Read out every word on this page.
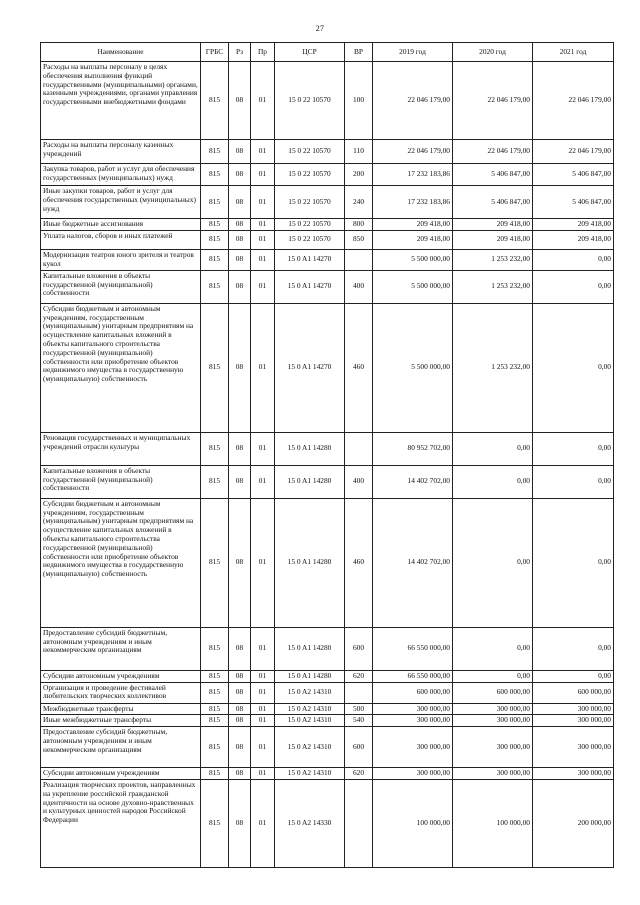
27
Наименование	ГРБС	Рз	Пр	ЦСР	ВР	2019 год	2020 год	2021 год
Расходы на выплаты персоналу в целях обеспечения выполнения функций государственными (муниципальными) органами, казенными учреждениями, органами управления государственными внебюджетными фондами	815	08	01	15 0 22 10570	100	22 046 179,00	22 046 179,00	22 046 179,00
Расходы на выплаты персоналу казенных учреждений	815	08	01	15 0 22 10570	110	22 046 179,00	22 046 179,00	22 046 179,00
Закупка товаров, работ и услуг для обеспечения государственных (муниципальных) нужд	815	08	01	15 0 22 10570	200	17 232 183,86	5 406 847,00	5 406 847,00
Иные закупки товаров, работ и услуг для обеспечения государственных (муниципальных) нужд	815	08	01	15 0 22 10570	240	17 232 183,86	5 406 847,00	5 406 847,00
Иные бюджетные ассигнования	815	08	01	15 0 22 10570	800	209 418,00	209 418,00	209 418,00
Уплата налогов, сборов и иных платежей	815	08	01	15 0 22 10570	850	209 418,00	209 418,00	209 418,00
Модернизация театров юного зрителя и театров кукол	815	08	01	15 0 A1 14270		5 500 000,00	1 253 232,00	0,00
Капитальные вложения в объекты государственной (муниципальной) собственности	815	08	01	15 0 A1 14270	400	5 500 000,00	1 253 232,00	0,00
Субсидии бюджетным и автономным учреждениям, государственным (муниципальным) унитарным предприятиям на осуществление капитальных вложений в объекты капитального строительства государственной (муниципальной) собственности или приобретение объектов недвижимого имущества в государственную (муниципальную) собственность	815	08	01	15 0 A1 14270	460	5 500 000,00	1 253 232,00	0,00
Реновация государственных и муниципальных учреждений отрасли культуры	815	08	01	15 0 A1 14280		80 952 702,00	0,00	0,00
Капитальные вложения в объекты государственной (муниципальной) собственности	815	08	01	15 0 A1 14280	400	14 402 702,00	0,00	0,00
Субсидии бюджетным и автономным учреждениям, государственным (муниципальным) унитарным предприятиям на осуществление капитальных вложений в объекты капитального строительства государственной (муниципальной) собственности или приобретение объектов недвижимого имущества в государственную (муниципальную) собственность	815	08	01	15 0 A1 14280	460	14 402 702,00	0,00	0,00
Предоставление субсидий бюджетным, автономным учреждениям и иным некоммерческим организациям	815	08	01	15 0 A1 14280	600	66 550 000,00	0,00	0,00
Субсидии автономным учреждениям	815	08	01	15 0 A1 14280	620	66 550 000,00	0,00	0,00
Организация и проведение фестивалей любительских творческих коллективов	815	08	01	15 0 A2 14310		600 000,00	600 000,00	600 000,00
Межбюджетные трансферты	815	08	01	15 0 A2 14310	500	300 000,00	300 000,00	300 000,00
Иные межбюджетные трансферты	815	08	01	15 0 A2 14310	540	300 000,00	300 000,00	300 000,00
Предоставление субсидий бюджетным, автономным учреждениям и иным некоммерческим организациям	815	08	01	15 0 A2 14310	600	300 000,00	300 000,00	300 000,00
Субсидии автономным учреждениям	815	08	01	15 0 A2 14310	620	300 000,00	300 000,00	300 000,00
Реализация творческих проектов, направленных на укрепление российской гражданской идентичности на основе духовно-нравственных и культурных ценностей народов Российской Федерации	815	08	01	15 0 A2 14330		100 000,00	100 000,00	200 000,00
